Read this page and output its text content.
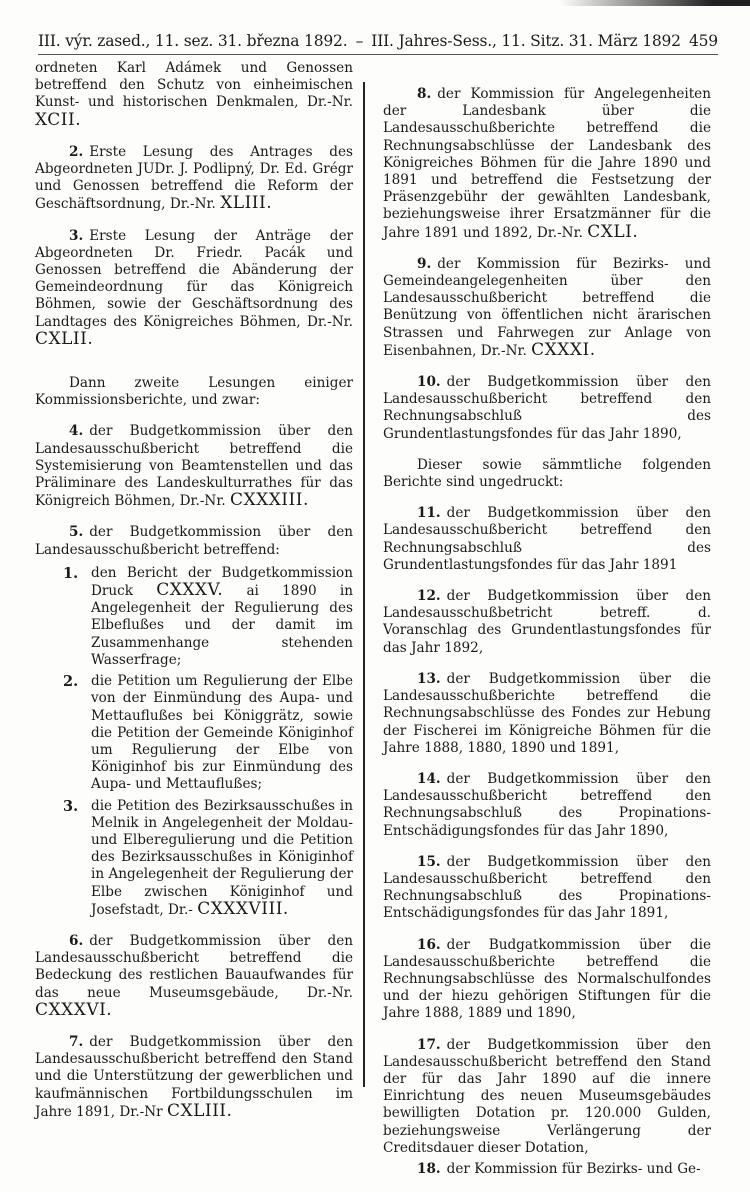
III. výr. zased., 11. sez. 31. března 1892. – III. Jahres-Sess., 11. Sitz. 31. März 1892 459

ordneten Karl Adámek und Genossen betreffend den Schutz von einheimischen Kunst- und historischen Denkmalen, Dr.-Nr. XCII.

2. Erste Lesung des Antrages des Abgeordneten JUDr. J. Podlipný, Dr. Ed. Grégr und Genossen betreffend die Reform der Geschäftsordnung, Dr.-Nr. XLIII.

3. Erste Lesung der Anträge der Abgeordneten Dr. Friedr. Pacák und Genossen betreffend die Abänderung der Gemeindeordnung für das Königreich Böhmen, sowie der Geschäftsordnung des Landtages des Königreiches Böhmen, Dr.-Nr. CXLII.

Dann zweite Lesungen einiger Kommissionsberichte, und zwar:

4. der Budgetkommission über den Landesausschußbericht betreffend die Systemisierung von Beamtenstellen und das Präliminare des Landeskulturrathes für das Königreich Böhmen, Dr.-Nr. CXXXIII.

5. der Budgetkommission über den Landesausschußbericht betreffend:

1. den Bericht der Budgetkommission Druck CXXXV. ai 1890 in Angelegenheit der Regulierung des Elbeflußes und der damit im Zusammenhange stehenden Wasserfrage;
2. die Petition um Regulierung der Elbe von der Einmündung des Aupa- und Mettauflußes bei Königgrätz, sowie die Petition der Gemeinde Königinhof um Regulierung der Elbe von Königinhof bis zur Einmündung des Aupa- und Mettauflußes;
3. die Petition des Bezirksausschußes in Melnik in Angelegenheit der Moldau- und Elberegulierung und die Petition des Bezirksausschußes in Königinhof in Angelegenheit der Regulierung der Elbe zwischen Königinhof und Josefstadt, Dr.- CXXXVIII.

6. der Budgetkommission über den Landesausschußbericht betreffend die Bedeckung des restlichen Bauaufwandes für das neue Museumsgebäude, Dr.-Nr. CXXXVI.

7. der Budgetkommission über den Landesausschußbericht betreffend den Stand und die Unterstützung der gewerblichen und kaufmännischen Fortbildungsschulen im Jahre 1891, Dr.-Nr CXLIII.

8. der Kommission für Angelegenheiten der Landesbank über die Landesausschußberichte betreffend die Rechnungsabschlüsse der Landesbank des Königreiches Böhmen für die Jahre 1890 und 1891 und betreffend die Festsetzung der Präsenzgebühr der gewählten Landesbank, beziehungsweise ihrer Ersatzmänner für die Jahre 1891 und 1892, Dr.-Nr. CXLI.

9. der Kommission für Bezirks- und Gemeindeangelegenheiten über den Landesausschußbericht betreffend die Benützung von öffentlichen nicht ärarischen Strassen und Fahrwegen zur Anlage von Eisenbahnen, Dr.-Nr. CXXXI.

10. der Budgetkommission über den Landesausschußbericht betreffend den Rechnungsabschluß des Grundentlastungsfondes für das Jahr 1890,

Dieser sowie sämmtliche folgenden Berichte sind ungedruckt:

11. der Budgetkommission über den Landesausschußbericht betreffend den Rechnungsabschluß des Grundentlastungsfondes für das Jahr 1891

12. der Budgetkommission über den Landesausschußbetricht betreff. d. Voranschlag des Grundentlastungsfondes für das Jahr 1892,

13. der Budgetkommission über die Landesausschußberichte betreffend die Rechnungsabschlüsse des Fondes zur Hebung der Fischerei im Königreiche Böhmen für die Jahre 1888, 1880, 1890 und 1891,

14. der Budgetkommission über den Landesausschußbericht betreffend den Rechnungsabschluß des Propinations-Entschädigungsfondes für das Jahr 1890,

15. der Budgetkommission über den Landesausschußbericht betreffend den Rechnungsabschluß des Propinations-Entschädigungsfondes für das Jahr 1891,

16. der Budgatkommission über die Landesausschußberichte betreffend die Rechnungsabschlüsse des Normalschulfondes und der hiezu gehörigen Stiftungen für die Jahre 1888, 1889 und 1890,

17. der Budgetkommission über den Landesausschußbericht betreffend den Stand der für das Jahr 1890 auf die innere Einrichtung des neuen Museumsgebäudes bewilligten Dotation pr. 120.000 Gulden, beziehungsweise Verlängerung der Creditsdauer dieser Dotation,

18. der Kommission für Bezirks- und Ge-
